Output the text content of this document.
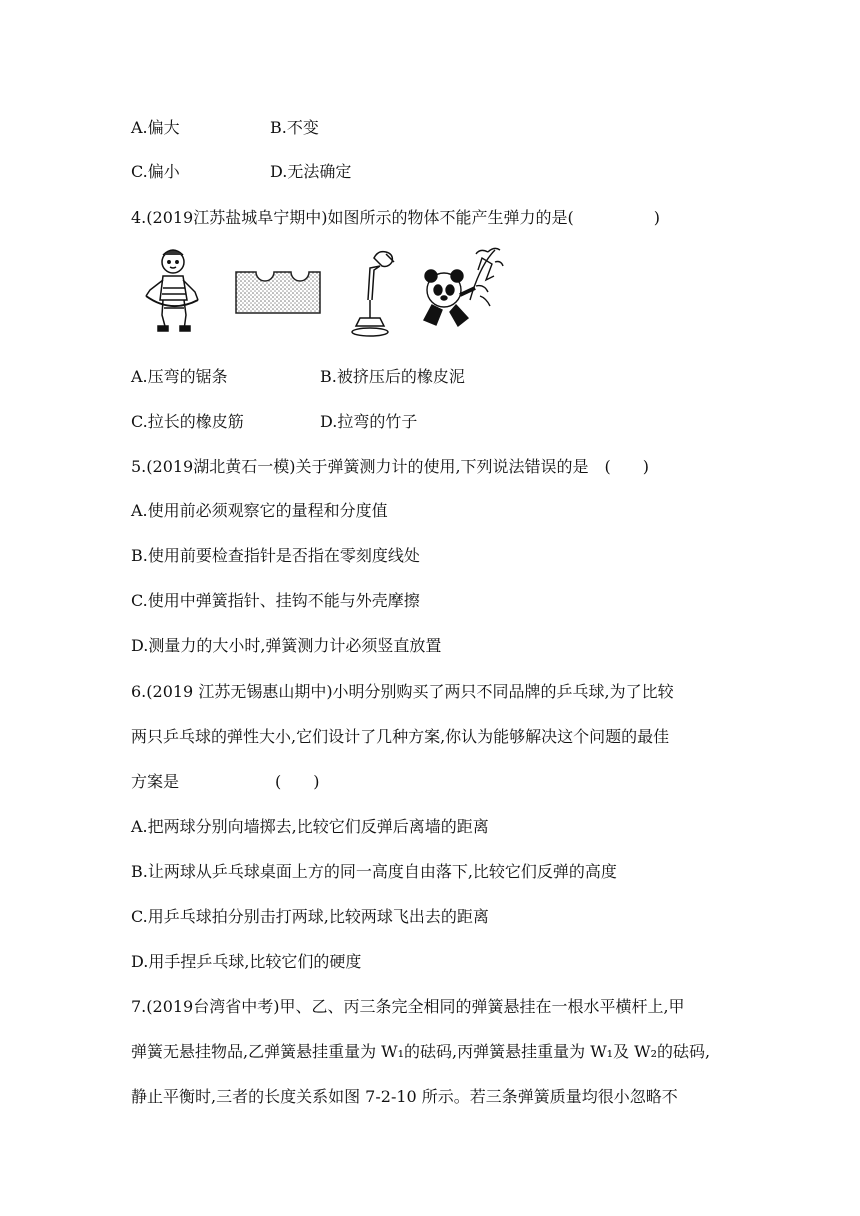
A.偏大	B.不变
C.偏小	D.无法确定
4.(2019江苏盐城阜宁期中)如图所示的物体不能产生弹力的是(　　　　　)
A.压弯的锯条	B.被挤压后的橡皮泥
C.拉长的橡皮筋	D.拉弯的竹子
5.(2019湖北黄石一模)关于弹簧测力计的使用,下列说法错误的是　(　　)
A.使用前必须观察它的量程和分度值
B.使用前要检查指针是否指在零刻度线处
C.使用中弹簧指针、挂钩不能与外壳摩擦
D.测量力的大小时,弹簧测力计必须竖直放置
6.(2019 江苏无锡惠山期中)小明分别购买了两只不同品牌的乒乓球,为了比较
两只乒乓球的弹性大小,它们设计了几种方案,你认为能够解决这个问题的最佳
方案是　　　　　　(　　)
A.把两球分别向墙掷去,比较它们反弹后离墙的距离
B.让两球从乒乓球桌面上方的同一高度自由落下,比较它们反弹的高度
C.用乒乓球拍分别击打两球,比较两球飞出去的距离
D.用手捏乒乓球,比较它们的硬度
7.(2019台湾省中考)甲、乙、丙三条完全相同的弹簧悬挂在一根水平横杆上,甲
弹簧无悬挂物品,乙弹簧悬挂重量为 W₁的砝码,丙弹簧悬挂重量为 W₁及 W₂的砝码,
静止平衡时,三者的长度关系如图 7-2-10 所示。若三条弹簧质量均很小忽略不
